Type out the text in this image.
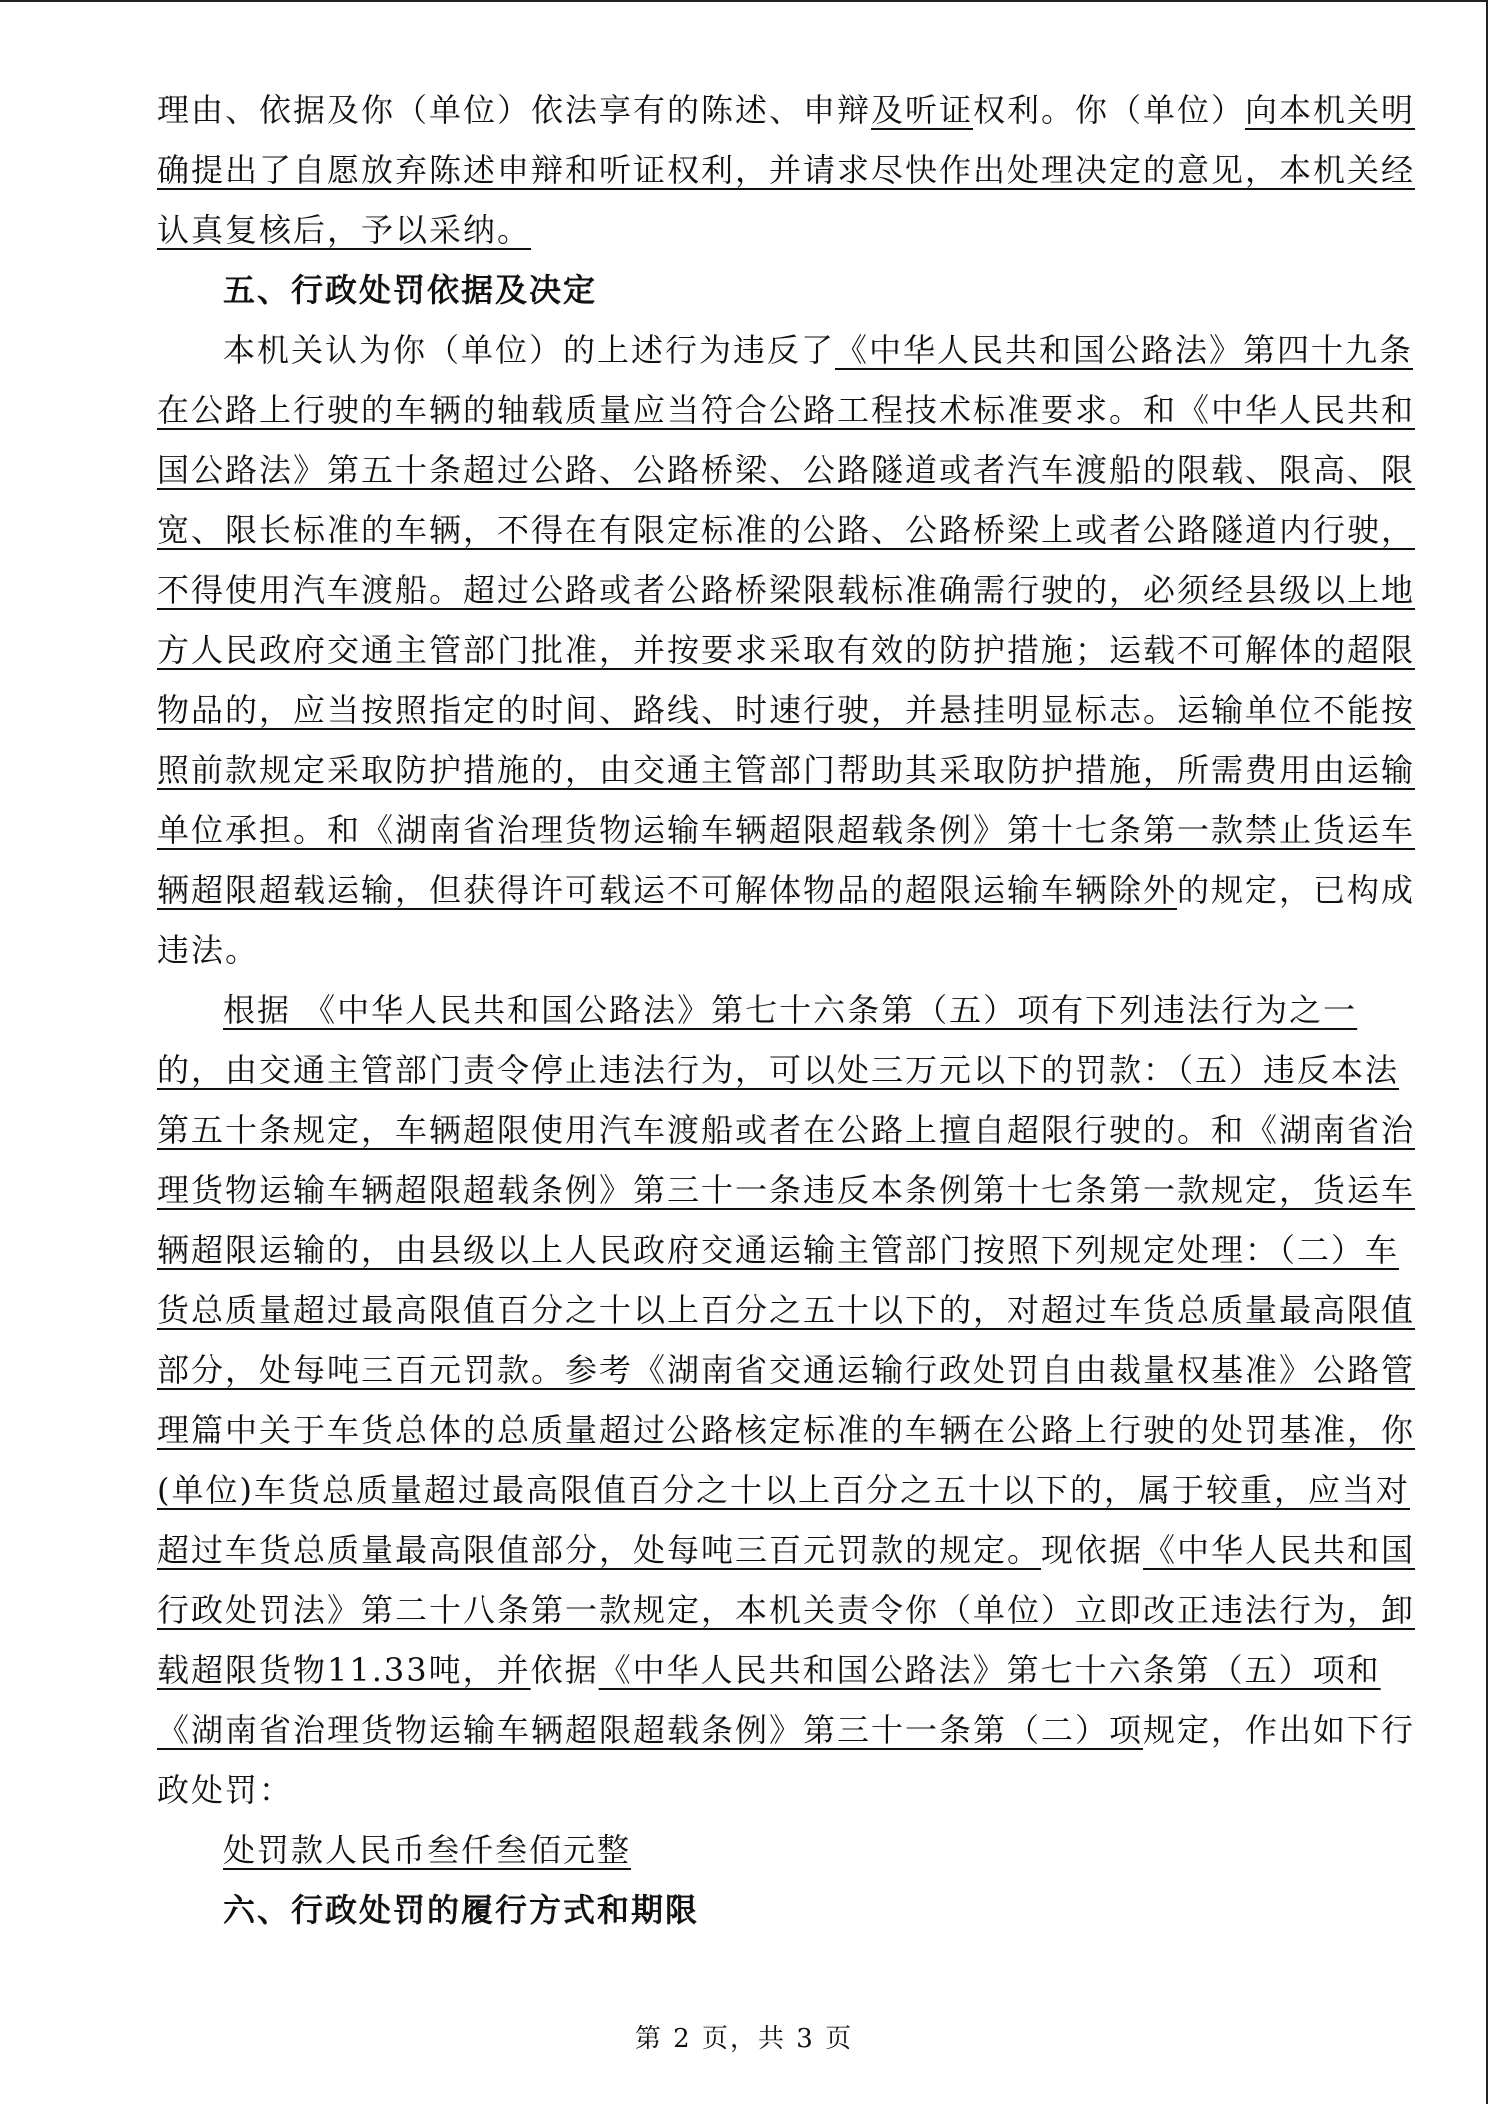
理由、依据及你（单位）依法享有的陈述、申辩及听证权利。你（单位）向本机关明
确提出了自愿放弃陈述申辩和听证权利，并请求尽快作出处理决定的意见，本机关经
认真复核后，予以采纳。
五、行政处罚依据及决定
本机关认为你（单位）的上述行为违反了《中华人民共和国公路法》第四十九条
在公路上行驶的车辆的轴载质量应当符合公路工程技术标准要求。和《中华人民共和
国公路法》第五十条超过公路、公路桥梁、公路隧道或者汽车渡船的限载、限高、限
宽、限长标准的车辆，不得在有限定标准的公路、公路桥梁上或者公路隧道内行驶，
不得使用汽车渡船。超过公路或者公路桥梁限载标准确需行驶的，必须经县级以上地
方人民政府交通主管部门批准，并按要求采取有效的防护措施；运载不可解体的超限
物品的，应当按照指定的时间、路线、时速行驶，并悬挂明显标志。运输单位不能按
照前款规定采取防护措施的，由交通主管部门帮助其采取防护措施，所需费用由运输
单位承担。和《湖南省治理货物运输车辆超限超载条例》第十七条第一款禁止货运车
辆超限超载运输，但获得许可载运不可解体物品的超限运输车辆除外的规定，已构成
违法。
根据 《中华人民共和国公路法》第七十六条第（五）项有下列违法行为之一
的，由交通主管部门责令停止违法行为，可以处三万元以下的罚款：（五）违反本法
第五十条规定，车辆超限使用汽车渡船或者在公路上擅自超限行驶的。和《湖南省治
理货物运输车辆超限超载条例》第三十一条违反本条例第十七条第一款规定，货运车
辆超限运输的，由县级以上人民政府交通运输主管部门按照下列规定处理：（二）车
货总质量超过最高限值百分之十以上百分之五十以下的，对超过车货总质量最高限值
部分，处每吨三百元罚款。参考《湖南省交通运输行政处罚自由裁量权基准》公路管
理篇中关于车货总体的总质量超过公路核定标准的车辆在公路上行驶的处罚基准，你
(单位)车货总质量超过最高限值百分之十以上百分之五十以下的，属于较重，应当对
超过车货总质量最高限值部分，处每吨三百元罚款的规定。现依据《中华人民共和国
行政处罚法》第二十八条第一款规定，本机关责令你（单位）立即改正违法行为，卸
载超限货物11.33吨，并依据《中华人民共和国公路法》第七十六条第（五）项和
《湖南省治理货物运输车辆超限超载条例》第三十一条第（二）项规定，作出如下行
政处罚：
处罚款人民币叁仟叁佰元整
六、行政处罚的履行方式和期限
第 2 页，共 3 页
